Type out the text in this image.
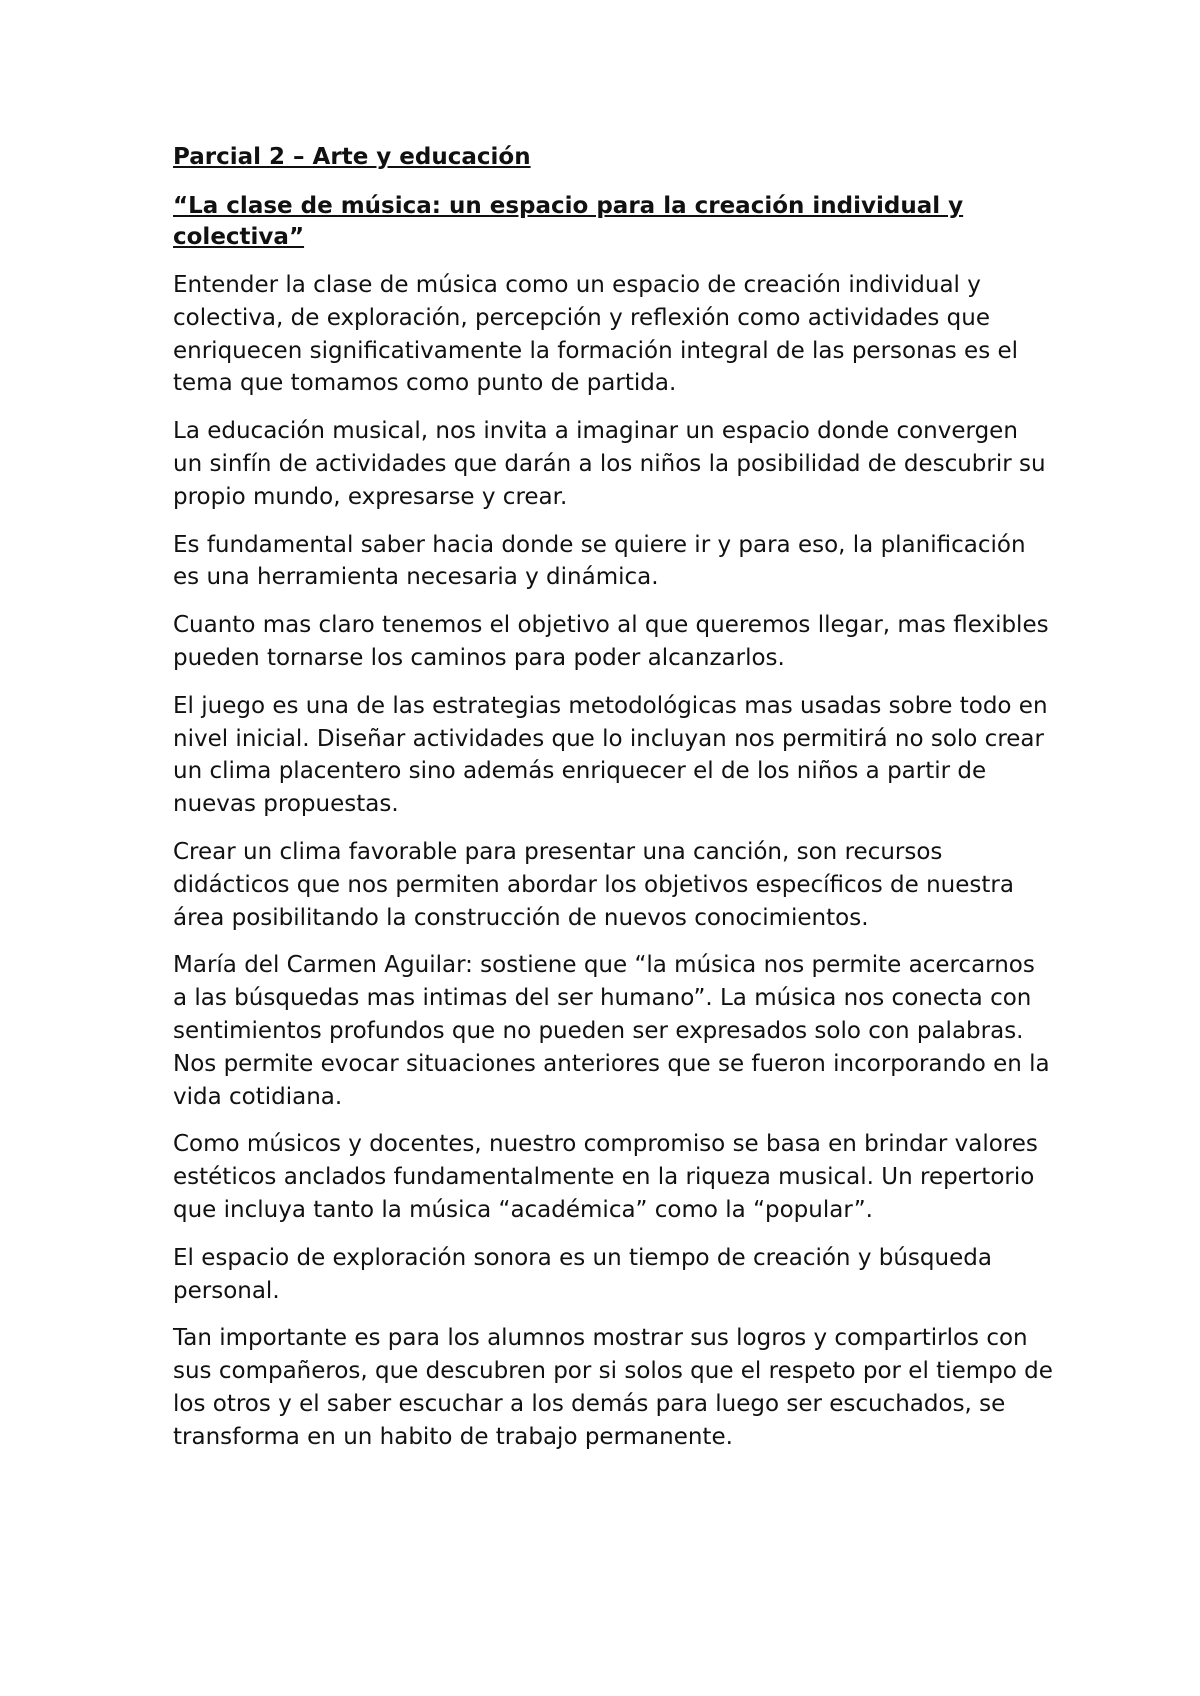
Parcial 2 – Arte y educación
“La clase de música: un espacio para la creación individual y colectiva”

Entender la clase de música como un espacio de creación individual y colectiva, de exploración, percepción y reflexión como actividades que enriquecen significativamente la formación integral de las personas es el tema que tomamos como punto de partida.

La educación musical, nos invita a imaginar un espacio donde convergen un sinfín de actividades que darán a los niños la posibilidad de descubrir su propio mundo, expresarse y crear.

Es fundamental saber hacia donde se quiere ir y para eso, la planificación es una herramienta necesaria y dinámica.

Cuanto mas claro tenemos el objetivo al que queremos llegar, mas flexibles pueden tornarse los caminos para poder alcanzarlos.

El juego es una de las estrategias metodológicas mas usadas sobre todo en nivel inicial. Diseñar actividades que lo incluyan nos permitirá no solo crear un clima placentero sino además enriquecer el de los niños a partir de nuevas propuestas.

Crear un clima favorable para presentar una canción, son recursos didácticos que nos permiten abordar los objetivos específicos de nuestra área posibilitando la construcción de nuevos conocimientos.

María del Carmen Aguilar: sostiene que “la música nos permite acercarnos a las búsquedas mas intimas del ser humano”. La música nos conecta con sentimientos profundos que no pueden ser expresados solo con palabras. Nos permite evocar situaciones anteriores que se fueron incorporando en la vida cotidiana.

Como músicos y docentes, nuestro compromiso se basa en brindar valores estéticos anclados fundamentalmente en la riqueza musical. Un repertorio que incluya tanto la música “académica” como la “popular”.

El espacio de exploración sonora es un tiempo de creación y búsqueda personal.

Tan importante es para los alumnos mostrar sus logros y compartirlos con sus compañeros, que descubren por si solos que el respeto por el tiempo de los otros y el saber escuchar a los demás para luego ser escuchados, se transforma en un habito de trabajo permanente.
